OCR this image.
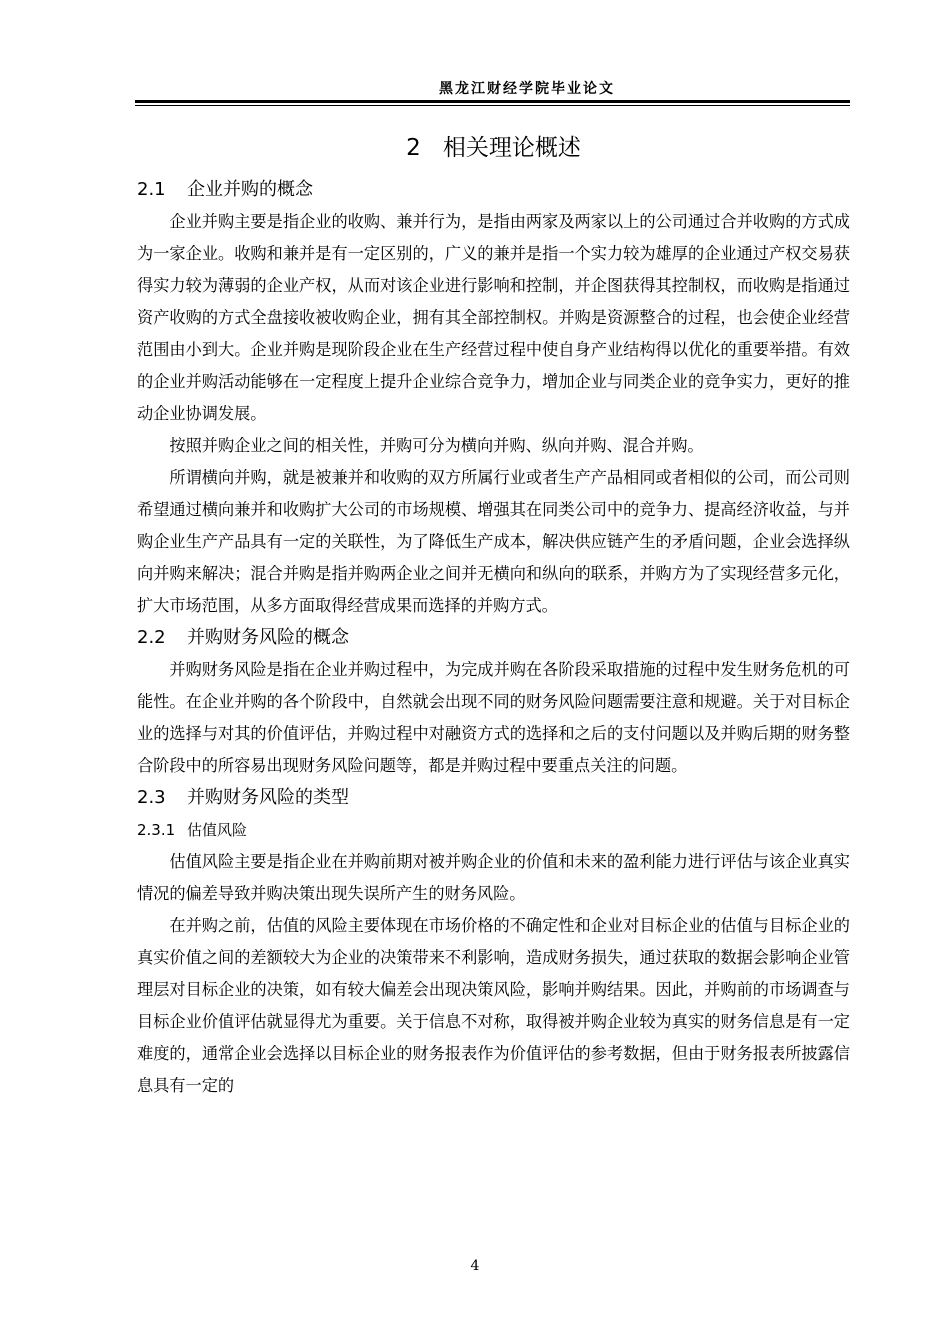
黑龙江财经学院毕业论文
2 相关理论概述
2.1 企业并购的概念

企业并购主要是指企业的收购、兼并行为，是指由两家及两家以上的公司通过合并收购的方式成为一家企业。收购和兼并是有一定区别的，广义的兼并是指一个实力较为雄厚的企业通过产权交易获得实力较为薄弱的企业产权，从而对该企业进行影响和控制，并企图获得其控制权，而收购是指通过资产收购的方式全盘接收被收购企业，拥有其全部控制权。并购是资源整合的过程，也会使企业经营范围由小到大。企业并购是现阶段企业在生产经营过程中使自身产业结构得以优化的重要举措。有效的企业并购活动能够在一定程度上提升企业综合竞争力，增加企业与同类企业的竞争实力，更好的推动企业协调发展。

按照并购企业之间的相关性，并购可分为横向并购、纵向并购、混合并购。

所谓横向并购，就是被兼并和收购的双方所属行业或者生产产品相同或者相似的公司，而公司则希望通过横向兼并和收购扩大公司的市场规模、增强其在同类公司中的竞争力、提高经济收益，与并购企业生产产品具有一定的关联性，为了降低生产成本，解决供应链产生的矛盾问题，企业会选择纵向并购来解决；混合并购是指并购两企业之间并无横向和纵向的联系，并购方为了实现经营多元化，扩大市场范围，从多方面取得经营成果而选择的并购方式。

2.2 并购财务风险的概念

并购财务风险是指在企业并购过程中，为完成并购在各阶段采取措施的过程中发生财务危机的可能性。在企业并购的各个阶段中，自然就会出现不同的财务风险问题需要注意和规避。关于对目标企业的选择与对其的价值评估，并购过程中对融资方式的选择和之后的支付问题以及并购后期的财务整合阶段中的所容易出现财务风险问题等，都是并购过程中要重点关注的问题。

2.3 并购财务风险的类型
2.3.1 估值风险

估值风险主要是指企业在并购前期对被并购企业的价值和未来的盈利能力进行评估与该企业真实情况的偏差导致并购决策出现失误所产生的财务风险。

在并购之前，估值的风险主要体现在市场价格的不确定性和企业对目标企业的估值与目标企业的真实价值之间的差额较大为企业的决策带来不利影响，造成财务损失，通过获取的数据会影响企业管理层对目标企业的决策，如有较大偏差会出现决策风险，影响并购结果。因此，并购前的市场调查与目标企业价值评估就显得尤为重要。关于信息不对称，取得被并购企业较为真实的财务信息是有一定难度的，通常企业会选择以目标企业的财务报表作为价值评估的参考数据，但由于财务报表所披露信息具有一定的

4
